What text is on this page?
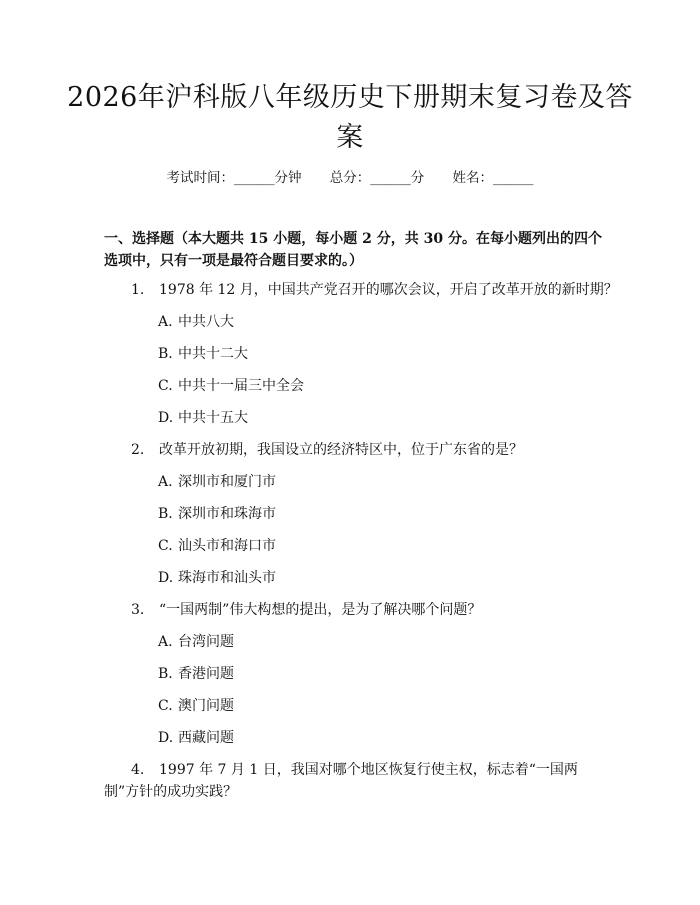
2026年沪科版八年级历史下册期末复习卷及答案
考试时间：______分钟 总分：______分 姓名：______
一、选择题（本大题共 15 小题，每小题 2 分，共 30 分。在每小题列出的四个选项中，只有一项是最符合题目要求的。）
1. 1978 年 12 月，中国共产党召开的哪次会议，开启了改革开放的新时期？
A. 中共八大
B. 中共十二大
C. 中共十一届三中全会
D. 中共十五大
2. 改革开放初期，我国设立的经济特区中，位于广东省的是？
A. 深圳市和厦门市
B. 深圳市和珠海市
C. 汕头市和海口市
D. 珠海市和汕头市
3. “一国两制”伟大构想的提出，是为了解决哪个问题？
A. 台湾问题
B. 香港问题
C. 澳门问题
D. 西藏问题
4. 1997 年 7 月 1 日，我国对哪个地区恢复行使主权，标志着“一国两制”方针的成功实践？
